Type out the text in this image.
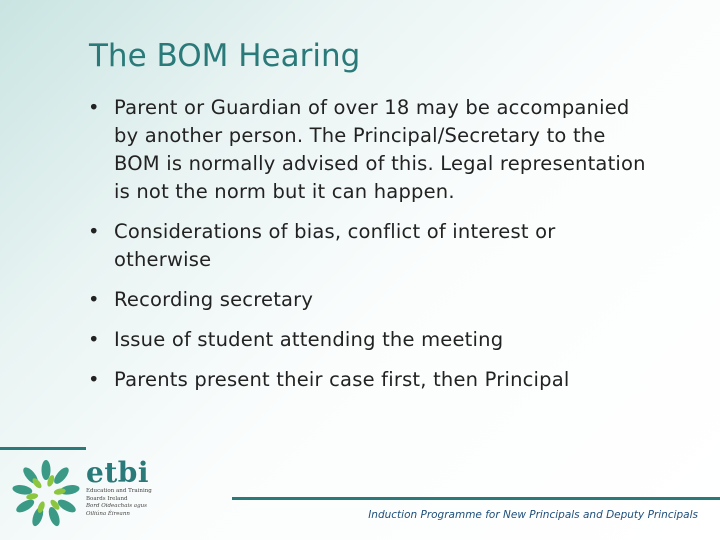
The BOM Hearing
• Parent or Guardian of over 18 may be accompanied by another person. The Principal/Secretary to the BOM is normally advised of this. Legal representation is not the norm but it can happen.
• Considerations of bias, conflict of interest or otherwise
• Recording secretary
• Issue of student attending the meeting
• Parents present their case first, then Principal
etbi
Education and Training
Boards Ireland
Bord Oideachais agus
Oiliúna Éireann	Induction Programme for New Principals and Deputy Principals
